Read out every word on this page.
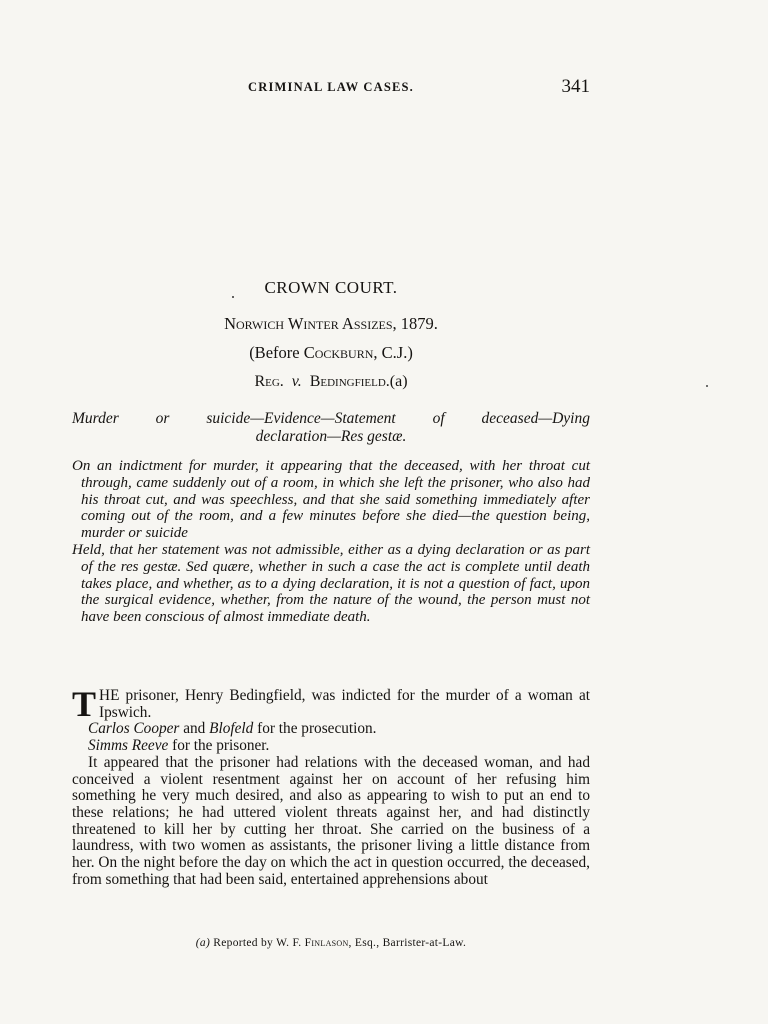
CRIMINAL LAW CASES.	341
CROWN COURT.
Norwich Winter Assizes, 1879.
(Before Cockburn, C.J.)
Reg. v. Bedingfield.(a)
Murder or suicide—Evidence—Statement of deceased—Dying
declaration—Res gestæ.

On an indictment for murder, it appearing that the deceased, with her throat cut through, came suddenly out of a room, in which she left the prisoner, who also had his throat cut, and was speechless, and that she said something immediately after coming out of the room, and a few minutes before she died—the question being, murder or suicide

Held, that her statement was not admissible, either as a dying declaration or as part of the res gestæ. Sed quære, whether in such a case the act is complete until death takes place, and whether, as to a dying declaration, it is not a question of fact, upon the surgical evidence, whether, from the nature of the wound, the person must not have been conscious of almost immediate death.

THE prisoner, Henry Bedingfield, was indicted for the murder of a woman at Ipswich.

Carlos Cooper and Blofeld for the prosecution.

Simms Reeve for the prisoner.

It appeared that the prisoner had relations with the deceased woman, and had conceived a violent resentment against her on account of her refusing him something he very much desired, and also as appearing to wish to put an end to these relations; he had uttered violent threats against her, and had distinctly threatened to kill her by cutting her throat. She carried on the business of a laundress, with two women as assistants, the prisoner living a little distance from her. On the night before the day on which the act in question occurred, the deceased, from something that had been said, entertained apprehensions about

(a) Reported by W. F. Finlason, Esq., Barrister-at-Law.
